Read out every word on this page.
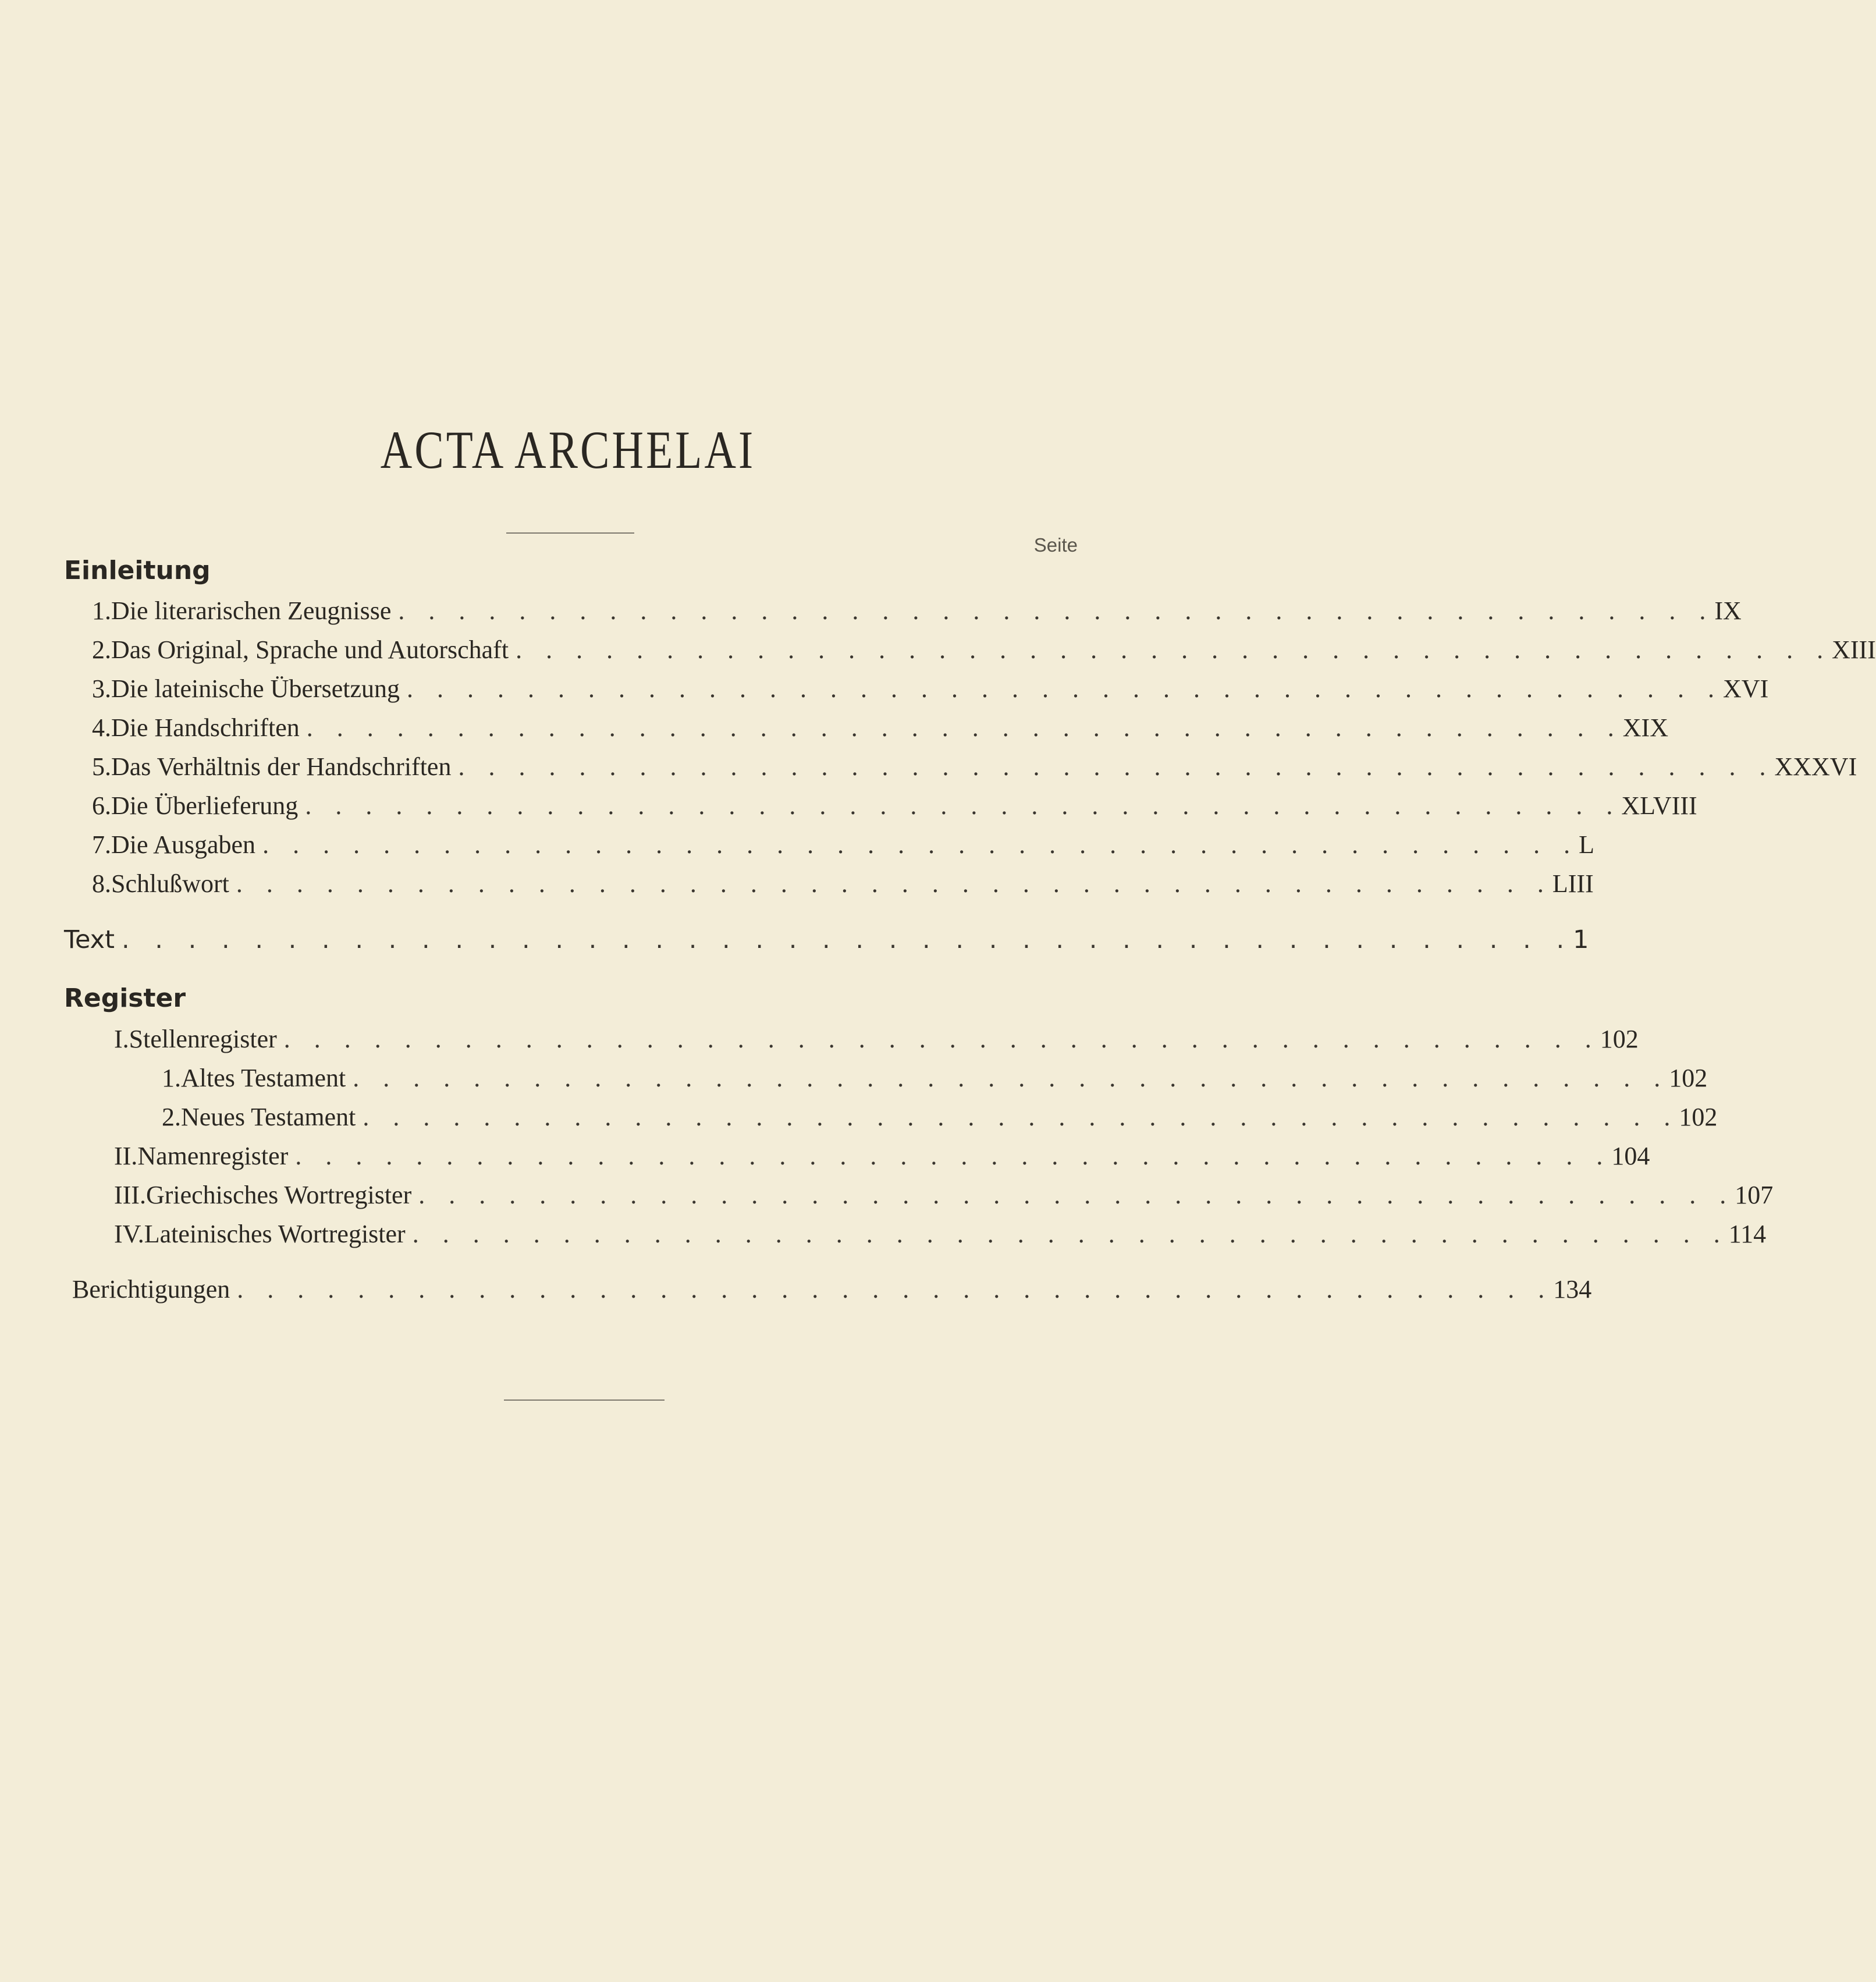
ACTA ARCHELAI
Seite
Einleitung
1. Die literarischen Zeugnisse . . . . . . . . . . . . . . . . . . . . . . . . . . . . . . . . . . . . . . . . . . . . IX
2. Das Original, Sprache und Autorschaft . . . . . . . . . . . . . . . . . . . . . . . . . . . . . . . . . . . . . . . . . . . . XIII
3. Die lateinische Übersetzung . . . . . . . . . . . . . . . . . . . . . . . . . . . . . . . . . . . . . . . . . . . . XVI
4. Die Handschriften . . . . . . . . . . . . . . . . . . . . . . . . . . . . . . . . . . . . . . . . . . . . XIX
5. Das Verhältnis der Handschriften . . . . . . . . . . . . . . . . . . . . . . . . . . . . . . . . . . . . . . . . . . . . XXXVI
6. Die Überlieferung . . . . . . . . . . . . . . . . . . . . . . . . . . . . . . . . . . . . . . . . . . . . XLVIII
7. Die Ausgaben . . . . . . . . . . . . . . . . . . . . . . . . . . . . . . . . . . . . . . . . . . . . L
8. Schlußwort . . . . . . . . . . . . . . . . . . . . . . . . . . . . . . . . . . . . . . . . . . . . LIII
Text . . . . . . . . . . . . . . . . . . . . . . . . . . . . . . . . . . . . . . . . . . . . 1
Register
I. Stellenregister . . . . . . . . . . . . . . . . . . . . . . . . . . . . . . . . . . . . . . . . . . . . 102
1. Altes Testament . . . . . . . . . . . . . . . . . . . . . . . . . . . . . . . . . . . . . . . . . . . . 102
2. Neues Testament . . . . . . . . . . . . . . . . . . . . . . . . . . . . . . . . . . . . . . . . . . . . 102
II. Namenregister . . . . . . . . . . . . . . . . . . . . . . . . . . . . . . . . . . . . . . . . . . . . 104
III. Griechisches Wortregister . . . . . . . . . . . . . . . . . . . . . . . . . . . . . . . . . . . . . . . . . . . . 107
IV. Lateinisches Wortregister . . . . . . . . . . . . . . . . . . . . . . . . . . . . . . . . . . . . . . . . . . . . 114
Berichtigungen . . . . . . . . . . . . . . . . . . . . . . . . . . . . . . . . . . . . . . . . . . . . 134
